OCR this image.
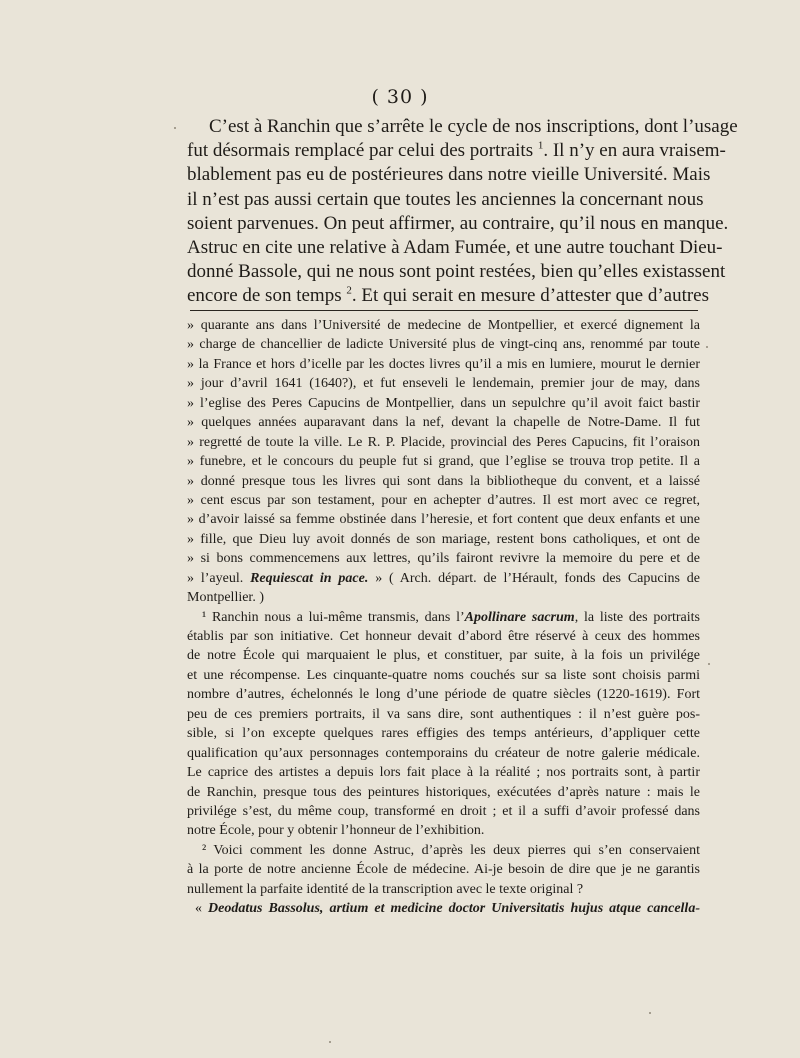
( 30 )
C’est à Ranchin que s’arrête le cycle de nos inscriptions, dont l’usage
fut désormais remplacé par celui des portraits $^1$. Il n’y en aura vraisem-
blablement pas eu de postérieures dans notre vieille Université. Mais
il n’est pas aussi certain que toutes les anciennes la concernant nous
soient parvenues. On peut affirmer, au contraire, qu’il nous en manque.
Astruc en cite une relative à Adam Fumée, et une autre touchant Dieu-
donné Bassole, qui ne nous sont point restées, bien qu’elles existassent
encore de son temps $^2$. Et qui serait en mesure d’attester que d’autres
» quarante ans dans l’Université de medecine de Montpellier, et exercé dignement la
» charge de chancellier de ladicte Université plus de vingt-cinq ans, renommé par toute
» la France et hors d’icelle par les doctes livres qu’il a mis en lumiere, mourut le dernier
» jour d’avril 1641 (1640?), et fut enseveli le lendemain, premier jour de may, dans
» l’eglise des Peres Capucins de Montpellier, dans un sepulchre qu’il avoit faict bastir
» quelques années auparavant dans la nef, devant la chapelle de Notre-Dame. Il fut
» regretté de toute la ville. Le R. P. Placide, provincial des Peres Capucins, fit l’oraison
» funebre, et le concours du peuple fut si grand, que l’eglise se trouva trop petite. Il a
» donné presque tous les livres qui sont dans la bibliotheque du convent, et a laissé
» cent escus par son testament, pour en achepter d’autres. Il est mort avec ce regret,
» d’avoir laissé sa femme obstinée dans l’heresie, et fort content que deux enfants et une
» fille, que Dieu luy avoit donnés de son mariage, restent bons catholiques, et ont de
» si bons commencemens aux lettres, qu’ils fairont revivre la memoire du pere et de
» l’ayeul. Requiescat in pace. » ( Arch. départ. de l’Hérault, fonds des Capucins de
Montpellier. )
¹ Ranchin nous a lui-même transmis, dans l’Apollinare sacrum, la liste des portraits
établis par son initiative. Cet honneur devait d’abord être réservé à ceux des hommes
de notre École qui marquaient le plus, et constituer, par suite, à la fois un privilége
et une récompense. Les cinquante-quatre noms couchés sur sa liste sont choisis parmi
nombre d’autres, échelonnés le long d’une période de quatre siècles (1220-1619). Fort
peu de ces premiers portraits, il va sans dire, sont authentiques : il n’est guère pos-
sible, si l’on excepte quelques rares effigies des temps antérieurs, d’appliquer cette
qualification qu’aux personnages contemporains du créateur de notre galerie médicale.
Le caprice des artistes a depuis lors fait place à la réalité ; nos portraits sont, à partir
de Ranchin, presque tous des peintures historiques, exécutées d’après nature : mais le
privilége s’est, du même coup, transformé en droit ; et il a suffi d’avoir professé dans
notre École, pour y obtenir l’honneur de l’exhibition.
² Voici comment les donne Astruc, d’après les deux pierres qui s’en conservaient
à la porte de notre ancienne École de médecine. Ai-je besoin de dire que je ne garantis
nullement la parfaite identité de la transcription avec le texte original ?
« Deodatus Bassolus, artium et medicine doctor Universitatis hujus atque cancella-
